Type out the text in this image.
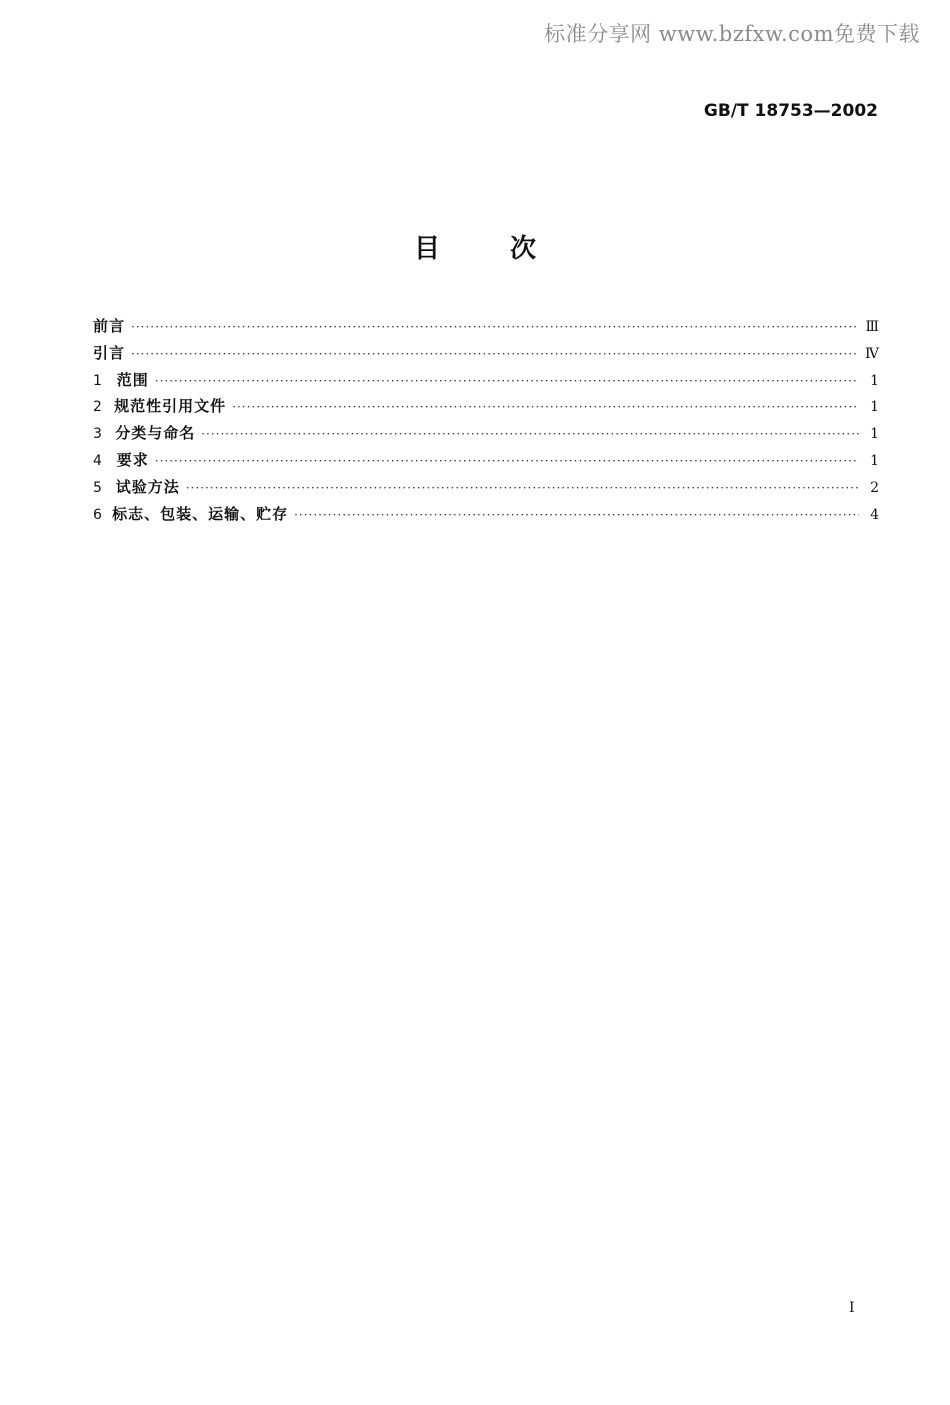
标准分享网 www.bzfxw.com免费下载
GB/T 18753—2002
目	次
前言 ·····	Ⅲ
引言 ·····	Ⅳ
1 范围 ·····	1
2 规范性引用文件 ·····	1
3 分类与命名 ·····	1
4 要求 ·····	1
5 试验方法 ·····	2
6 标志、包装、运输、贮存 ·····	4
I
